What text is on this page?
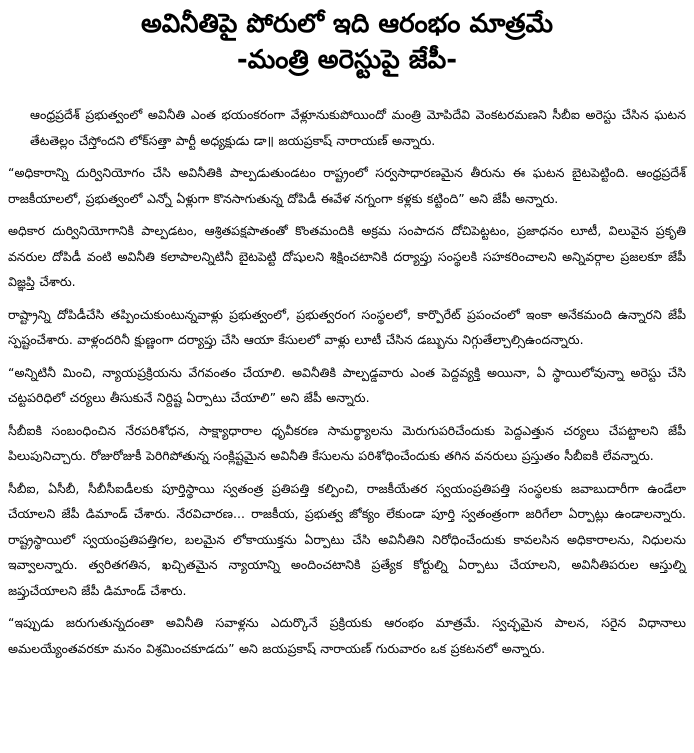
అవినీతిపై పోరులో ఇది ఆరంభం మాత్రమే
-మంత్రి అరెస్టుపై జేపీ-

ఆంధ్రప్రదేశ్ ప్రభుత్వంలో అవినీతి ఎంత భయంకరంగా వేళ్లూనుకుపోయిందో మంత్రి మోపిదేవి వెంకటరమణని సీబీఐ అరెస్టు చేసిన ఘటన తేటతెల్లం చేస్తోందని లోక్‌సత్తా పార్టీ అధ్యక్షుడు డా॥ జయప్రకాష్ నారాయణ్ అన్నారు.

“అధికారాన్ని దుర్వినియోగం చేసి అవినీతికి పాల్పడుతుండటం రాష్ట్రంలో సర్వసాధారణమైన తీరును ఈ ఘటన బైటపెట్టింది. ఆంధ్రప్రదేశ్ రాజకీయాలలో, ప్రభుత్వంలో ఎన్నో ఏళ్లుగా కొనసాగుతున్న దోపిడీ ఈవేళ నగ్నంగా కళ్లకు కట్టింది” అని జేపీ అన్నారు.

అధికార దుర్వినియోగానికి పాల్పడటం, ఆశ్రితపక్షపాతంతో కొంతమందికి అక్రమ సంపాదన దోచిపెట్టటం, ప్రజాధనం లూటీ, విలువైన ప్రకృతి వనరుల దోపిడీ వంటి అవినీతి కలాపాలన్నిటినీ బైటపెట్టి దోషులని శిక్షించటానికి దర్యాప్తు సంస్థలకి సహకరించాలని అన్నివర్గాల ప్రజలకూ జేపీ విజ్ఞప్తి చేశారు.

రాష్ట్రాన్ని దోపిడీచేసి తప్పించుకుంటున్నవాళ్లు ప్రభుత్వంలో, ప్రభుత్వరంగ సంస్థలలో, కార్పొరేట్ ప్రపంచంలో ఇంకా అనేకమంది ఉన్నారని జేపీ స్పష్టంచేశారు. వాళ్లందరినీ క్షుణ్ణంగా దర్యాప్తు చేసి ఆయా కేసులలో వాళ్లు లూటీ చేసిన డబ్బును నిగ్గుతేల్చాల్సిఉందన్నారు.

“అన్నిటినీ మించి, న్యాయప్రక్రియను వేగవంతం చేయాలి. అవినీతికి పాల్పడ్డవారు ఎంత పెద్దవ్యక్తి అయినా, ఏ స్థాయిలోవున్నా అరెస్టు చేసి చట్టపరిధిలో చర్యలు తీసుకునే నిర్దిష్ట ఏర్పాటు చేయాలి” అని జేపీ అన్నారు.

సీబీఐకి సంబంధించిన నేరపరిశోధన, సాక్ష్యాధారాల ధృవీకరణ సామర్థ్యాలను మెరుగుపరిచేందుకు పెద్దఎత్తున చర్యలు చేపట్టాలని జేపీ పిలుపునిచ్చారు. రోజురోజుకీ పెరిగిపోతున్న సంక్లిష్టమైన అవినీతి కేసులను పరిశోధించేందుకు తగిన వనరులు ప్రస్తుతం సీబీఐకి లేవన్నారు.

సీబీఐ, ఏసీబీ, సీబీసీఐడీలకు పూర్తిస్థాయి స్వతంత్ర ప్రతిపత్తి కల్పించి, రాజకీయేతర స్వయంప్రతిపత్తి సంస్థలకు జవాబుదారీగా ఉండేలా చేయాలని జేపీ డిమాండ్ చేశారు. నేరవిచారణ... రాజకీయ, ప్రభుత్వ జోక్యం లేకుండా పూర్తి స్వతంత్రంగా జరిగేలా ఏర్పాట్లు ఉండాలన్నారు. రాష్ట్రస్థాయిలో స్వయంప్రతిపత్తిగల, బలమైన లోకాయుక్తను ఏర్పాటు చేసి అవినీతిని నిరోధించేందుకు కావలసిన అధికారాలను, నిధులను ఇవ్వాలన్నారు. త్వరితగతిన, ఖచ్చితమైన న్యాయాన్ని అందించటానికి ప్రత్యేక కోర్టుల్ని ఏర్పాటు చేయాలని, అవినీతిపరుల ఆస్తుల్ని జప్తుచేయాలని జేపీ డిమాండ్ చేశారు.

“ఇప్పుడు జరుగుతున్నదంతా అవినీతి సవాళ్లను ఎదుర్కొనే ప్రక్రియకు ఆరంభం మాత్రమే. స్వచ్ఛమైన పాలన, సరైన విధానాలు అమలయ్యేంతవరకూ మనం విశ్రమించకూడదు” అని జయప్రకాష్ నారాయణ్ గురువారం ఒక ప్రకటనలో అన్నారు.
